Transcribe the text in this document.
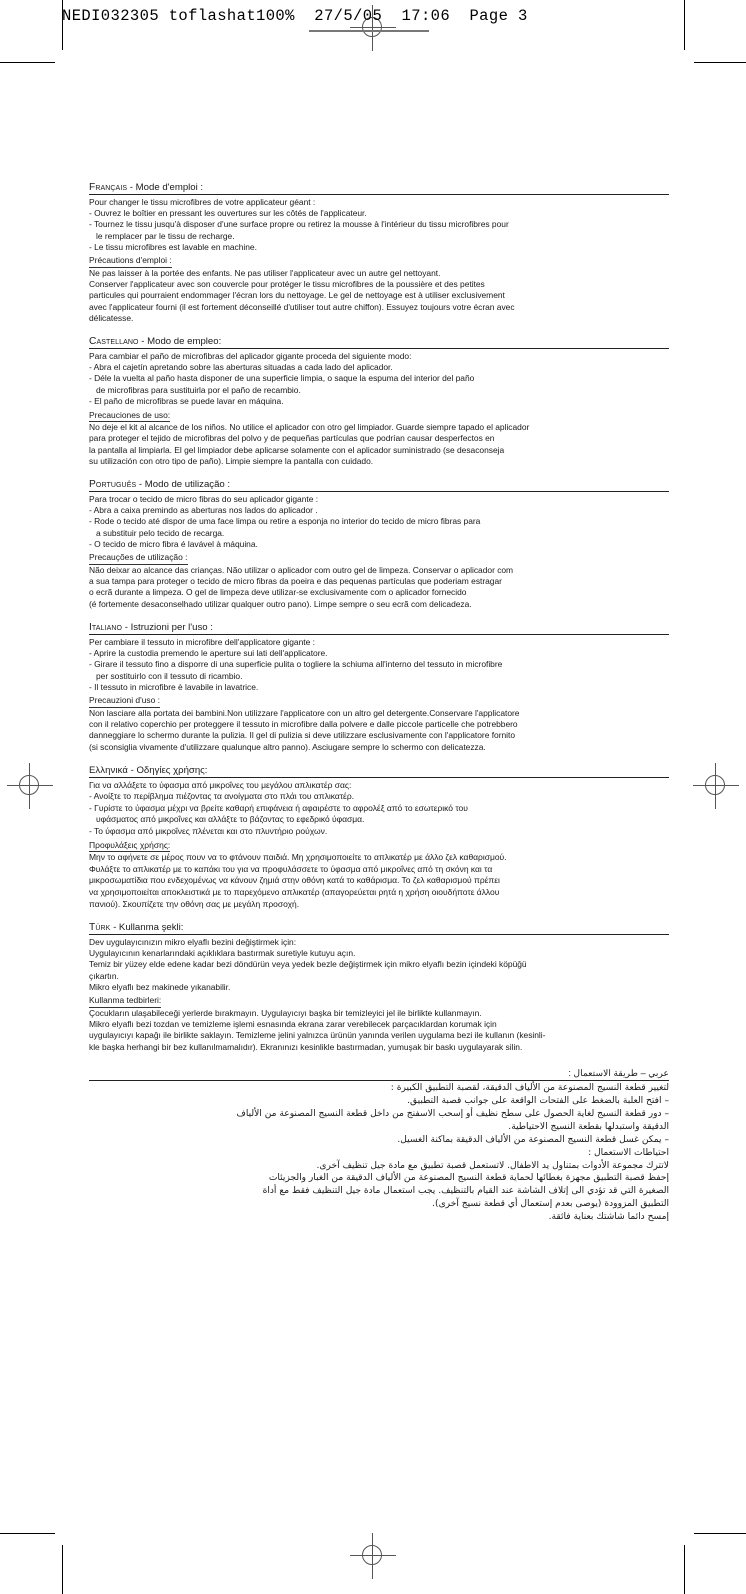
NEDI032305 toflashat100%  27/5/05  17:06  Page 3
Français - Mode d'emploi :

Pour changer le tissu microfibres de votre applicateur géant :

- Ouvrez le boîtier en pressant les ouvertures sur les côtés de l'applicateur.

- Tournez le tissu jusqu'à disposer d'une surface propre ou retirez la mousse à l'intérieur du tissu microfibres pour

le remplacer par le tissu de recharge.

- Le tissu microfibres est lavable en machine.

Précautions d'emploi :

Ne pas laisser à la portée des enfants. Ne pas utiliser l'applicateur avec un autre gel nettoyant.

Conserver l'applicateur avec son couvercle pour protéger le tissu microfibres de la poussière et des petites

particules qui pourraient endommager l'écran lors du nettoyage. Le gel de nettoyage est à utiliser exclusivement

avec l'applicateur fourni (il est fortement déconseillé d'utiliser tout autre chiffon). Essuyez toujours votre écran avec

délicatesse.

Castellano - Modo de empleo:

Para cambiar el paño de microfibras del aplicador gigante proceda del siguiente modo:

- Abra el cajetín apretando sobre las aberturas situadas a cada lado del aplicador.

- Déle la vuelta al paño hasta disponer de una superficie limpia, o saque la espuma del interior del paño

de microfibras para sustituirla por el paño de recambio.

- El paño de microfibras se puede lavar en máquina.

Precauciones de uso:

No deje el kit al alcance de los niños. No utilice el aplicador con otro gel limpiador. Guarde siempre tapado el aplicador

para proteger el tejido de microfibras del polvo y de pequeñas partículas que podrían causar desperfectos en

la pantalla al limpiarla. El gel limpiador debe aplicarse solamente con el aplicador suministrado (se desaconseja

su utilización con otro tipo de paño). Limpie siempre la pantalla con cuidado.

Português - Modo de utilização :

Para trocar o tecido de micro fibras do seu aplicador gigante :

- Abra a caixa premindo as aberturas nos lados do aplicador .

- Rode o tecido até dispor de uma face limpa ou retire a esponja no interior do tecido de micro fibras para

a substituir pelo tecido de recarga.

- O tecido de micro fibra é lavável à máquina.

Precauções de utilização :

Não deixar ao alcance das crianças. Não utilizar o aplicador com outro gel de limpeza. Conservar o aplicador com

a sua tampa para proteger o tecido de micro fibras da poeira e das pequenas partículas que poderiam estragar

o ecrã durante a limpeza. O gel de limpeza deve utilizar-se exclusivamente com o aplicador fornecido

(é fortemente desaconselhado utilizar qualquer outro pano). Limpe sempre o seu ecrã com delicadeza.

Italiano - Istruzioni per l'uso :

Per cambiare il tessuto in microfibre dell'applicatore gigante :

- Aprire la custodia premendo le aperture sui lati dell'applicatore.

- Girare il tessuto fino a disporre di una superficie pulita o togliere la schiuma all'interno del tessuto in microfibre

per sostituirlo con il tessuto di ricambio.

- Il tessuto in microfibre è lavabile in lavatrice.

Precauzioni d'uso :

Non lasciare alla portata dei bambini.Non utilizzare l'applicatore con un altro gel detergente.Conservare l'applicatore

con il relativo coperchio per proteggere il tessuto in microfibre dalla polvere e dalle piccole particelle che potrebbero

danneggiare lo schermo durante la pulizia. Il gel di pulizia si deve utilizzare esclusivamente con l'applicatore fornito

(si sconsiglia vivamente d'utilizzare qualunque altro panno). Asciugare sempre lo schermo con delicatezza.

Ελληνικά - Οδηγίες χρήσης:

Για να αλλάξετε το ύφασμα από μικροΐνες του μεγάλου απλικατέρ σας:

- Ανοίξτε το περίβλημα πιέζοντας τα ανοίγματα στο πλάι του απλικατέρ.

- Γυρίστε το ύφασμα μέχρι να βρείτε καθαρή επιφάνεια ή αφαιρέστε το αφρολέξ από το εσωτερικό του

υφάσματος από μικροΐνες και αλλάξτε το βάζοντας το εφεδρικό ύφασμα.

- Το ύφασμα από μικροΐνες πλένεται και στο πλυντήριο ρούχων.

Προφυλάξεις χρήσης:

Μην το αφήνετε σε μέρος πουν να το φτάνουν παιδιά. Μη χρησιμοποιείτε το απλικατέρ με άλλο ζελ καθαρισμού.

Φυλάξτε το απλικατέρ με το καπάκι του για να προφυλάσσετε το ύφασμα από μικροΐνες από τη σκόνη και τα

μικροσωματίδια που ενδεχομένως να κάνουν ζημιά στην οθόνη κατά το καθάρισμα. Το ζελ καθαρισμού πρέπει

να χρησιμοποιείται αποκλειστικά με το παρεχόμενο απλικατέρ (απαγορεύεται ρητά η χρήση οιουδήποτε άλλου

πανιού). Σκουπίζετε την οθόνη σας με μεγάλη προσοχή.

Türk - Kullanma şekli:

Dev uygulayıcınızın mikro elyaflı bezini değiştirmek için:

Uygulayıcının kenarlarındaki açıklıklara bastırmak suretiyle kutuyu açın.

Temiz bir yüzey elde edene kadar bezi döndürün veya yedek bezle değiştirmek için mikro elyaflı bezin içindeki köpüğü

çıkartın.

Mikro elyaflı bez makinede yıkanabilir.

Kullanma tedbirleri:

Çocukların ulaşabileceği yerlerde bırakmayın. Uygulayıcıyı başka bir temizleyici jel ile birlikte kullanmayın.

Mikro elyaflı bezi tozdan ve temizleme işlemi esnasında ekrana zarar verebilecek parçacıklardan korumak için

uygulayıcıyı kapağı ile birlikte saklayın. Temizleme jelini yalnızca ürünün yanında verilen uygulama bezi ile kullanın (kesinli-

kle başka herhangi bir bez kullanılmamalıdır). Ekranınızı kesinlikle bastırmadan, yumuşak bir baskı uygulayarak silin.

عربي – طريقة الاستعمال :

لتغيير قطعة النسيج المصنوعة من الألياف الدقيقة، لقصبة التطبيق الكبيرة :

– افتح العلبة بالضغط على الفتحات الواقعة على جوانب قصبة التطبيق.

– دور قطعة النسيج لغاية الحصول على سطح نظيف أو إسحب الاسفنج من داخل قطعة النسيج المصنوعة من الألياف

الدقيقة واستبدلها بقطعة النسيج الاحتياطية.

– يمكن غسل قطعة النسيج المصنوعة من الألياف الدقيقة بماكنة الغسيل.

احتياطات الاستعمال :

لاتترك مجموعة الأدوات بمتناول يد الاطفال. لاتستعمل قصبة تطبيق مع مادة جيل تنظيف آخرى.

إحفظ قصبة التطبيق مجهزة بغطائها لحماية قطعة النسيج المصنوعة من الألياف الدقيقة من الغبار والجزيئات

الصغيرة التي قد تؤدي الى إتلاف الشاشة عند القيام بالتنظيف. يجب استعمال مادة جيل التنظيف فقط مع أداة

التطبيق المزوودة (يوصى بعدم إستعمال أي قطعة نسيج آخرى).

إمسح دائما شاشتك بعناية فائقة.
